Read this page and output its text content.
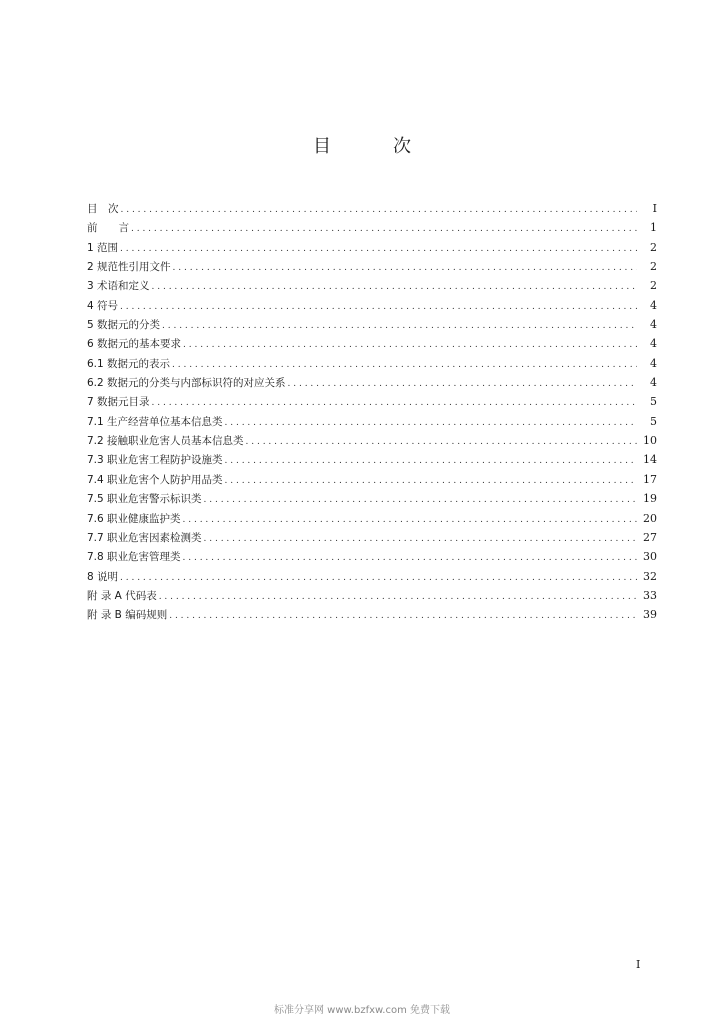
目　次
目　次 . . .	I
前　　言 . . .	1
1 范围 . . .	2
2 规范性引用文件 . . .	2
3 术语和定义 . . .	2
4 符号 . . .	4
5 数据元的分类 . . .	4
6 数据元的基本要求 . . .	4
6.1 数据元的表示 . . .	4
6.2 数据元的分类与内部标识符的对应关系 . . .	4
7 数据元目录 . . .	5
7.1 生产经营单位基本信息类 . . .	5
7.2 接触职业危害人员基本信息类 . . .	10
7.3 职业危害工程防护设施类 . . .	14
7.4 职业危害个人防护用品类 . . .	17
7.5 职业危害警示标识类 . . .	19
7.6 职业健康监护类 . . .	20
7.7 职业危害因素检测类 . . .	27
7.8 职业危害管理类 . . .	30
8 说明 . . .	32
附 录 A 代码表 . . .	33
附 录 B 编码规则 . . .	39
I
标准分享网 www.bzfxw.com 免费下载
